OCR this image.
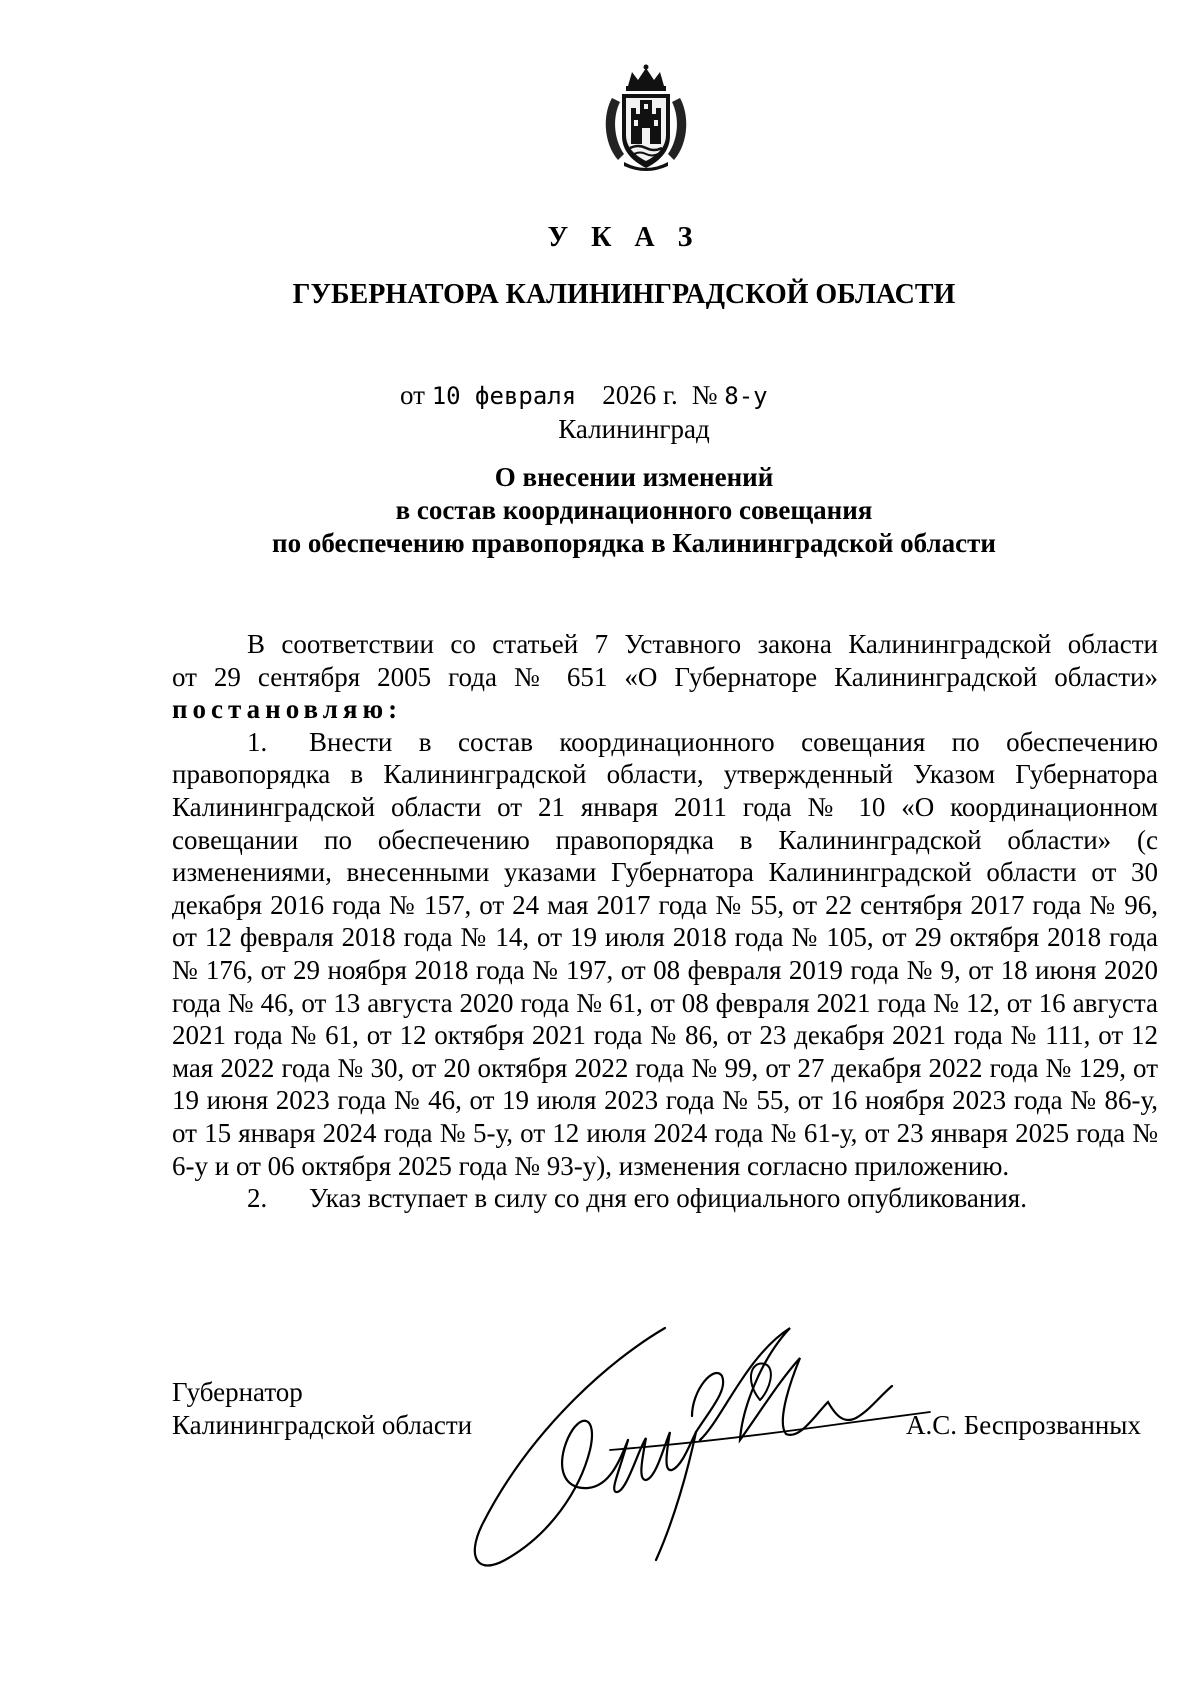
У К А З
ГУБЕРНАТОРА КАЛИНИНГРАДСКОЙ ОБЛАСТИ
от 10 февраля 2026 г. № 8-у
Калининград
О внесении изменений
в состав координационного совещания
по обеспечению правопорядка в Калининградской области

В соответствии со статьей 7 Уставного закона Калининградской области

от 29 сентября 2005 года № 651 «О Губернаторе Калининградской области»

постановляю:

1. Внести в состав координационного совещания по обеспечению правопорядка в Калининградской области, утвержденный Указом Губернатора Калининградской области от 21 января 2011 года № 10 «О координационном совещании по обеспечению правопорядка в Калининградской области» (с изменениями, внесенными указами Губернатора Калининградской области от 30 декабря 2016 года № 157, от 24 мая 2017 года № 55, от 22 сентября 2017 года № 96, от 12 февраля 2018 года № 14, от 19 июля 2018 года № 105, от 29 октября 2018 года № 176, от 29 ноября 2018 года № 197, от 08 февраля 2019 года № 9, от 18 июня 2020 года № 46, от 13 августа 2020 года № 61, от 08 февраля 2021 года № 12, от 16 августа 2021 года № 61, от 12 октября 2021 года № 86, от 23 декабря 2021 года № 111, от 12 мая 2022 года № 30, от 20 октября 2022 года № 99, от 27 декабря 2022 года № 129, от 19 июня 2023 года № 46, от 19 июля 2023 года № 55, от 16 ноября 2023 года № 86-у, от 15 января 2024 года № 5-у, от 12 июля 2024 года № 61-у, от 23 января 2025 года № 6-у и от 06 октября 2025 года № 93-у), изменения согласно приложению.

2. Указ вступает в силу со дня его официального опубликования.

Губернатор
Калининградской области	А.С. Беспрозванных
